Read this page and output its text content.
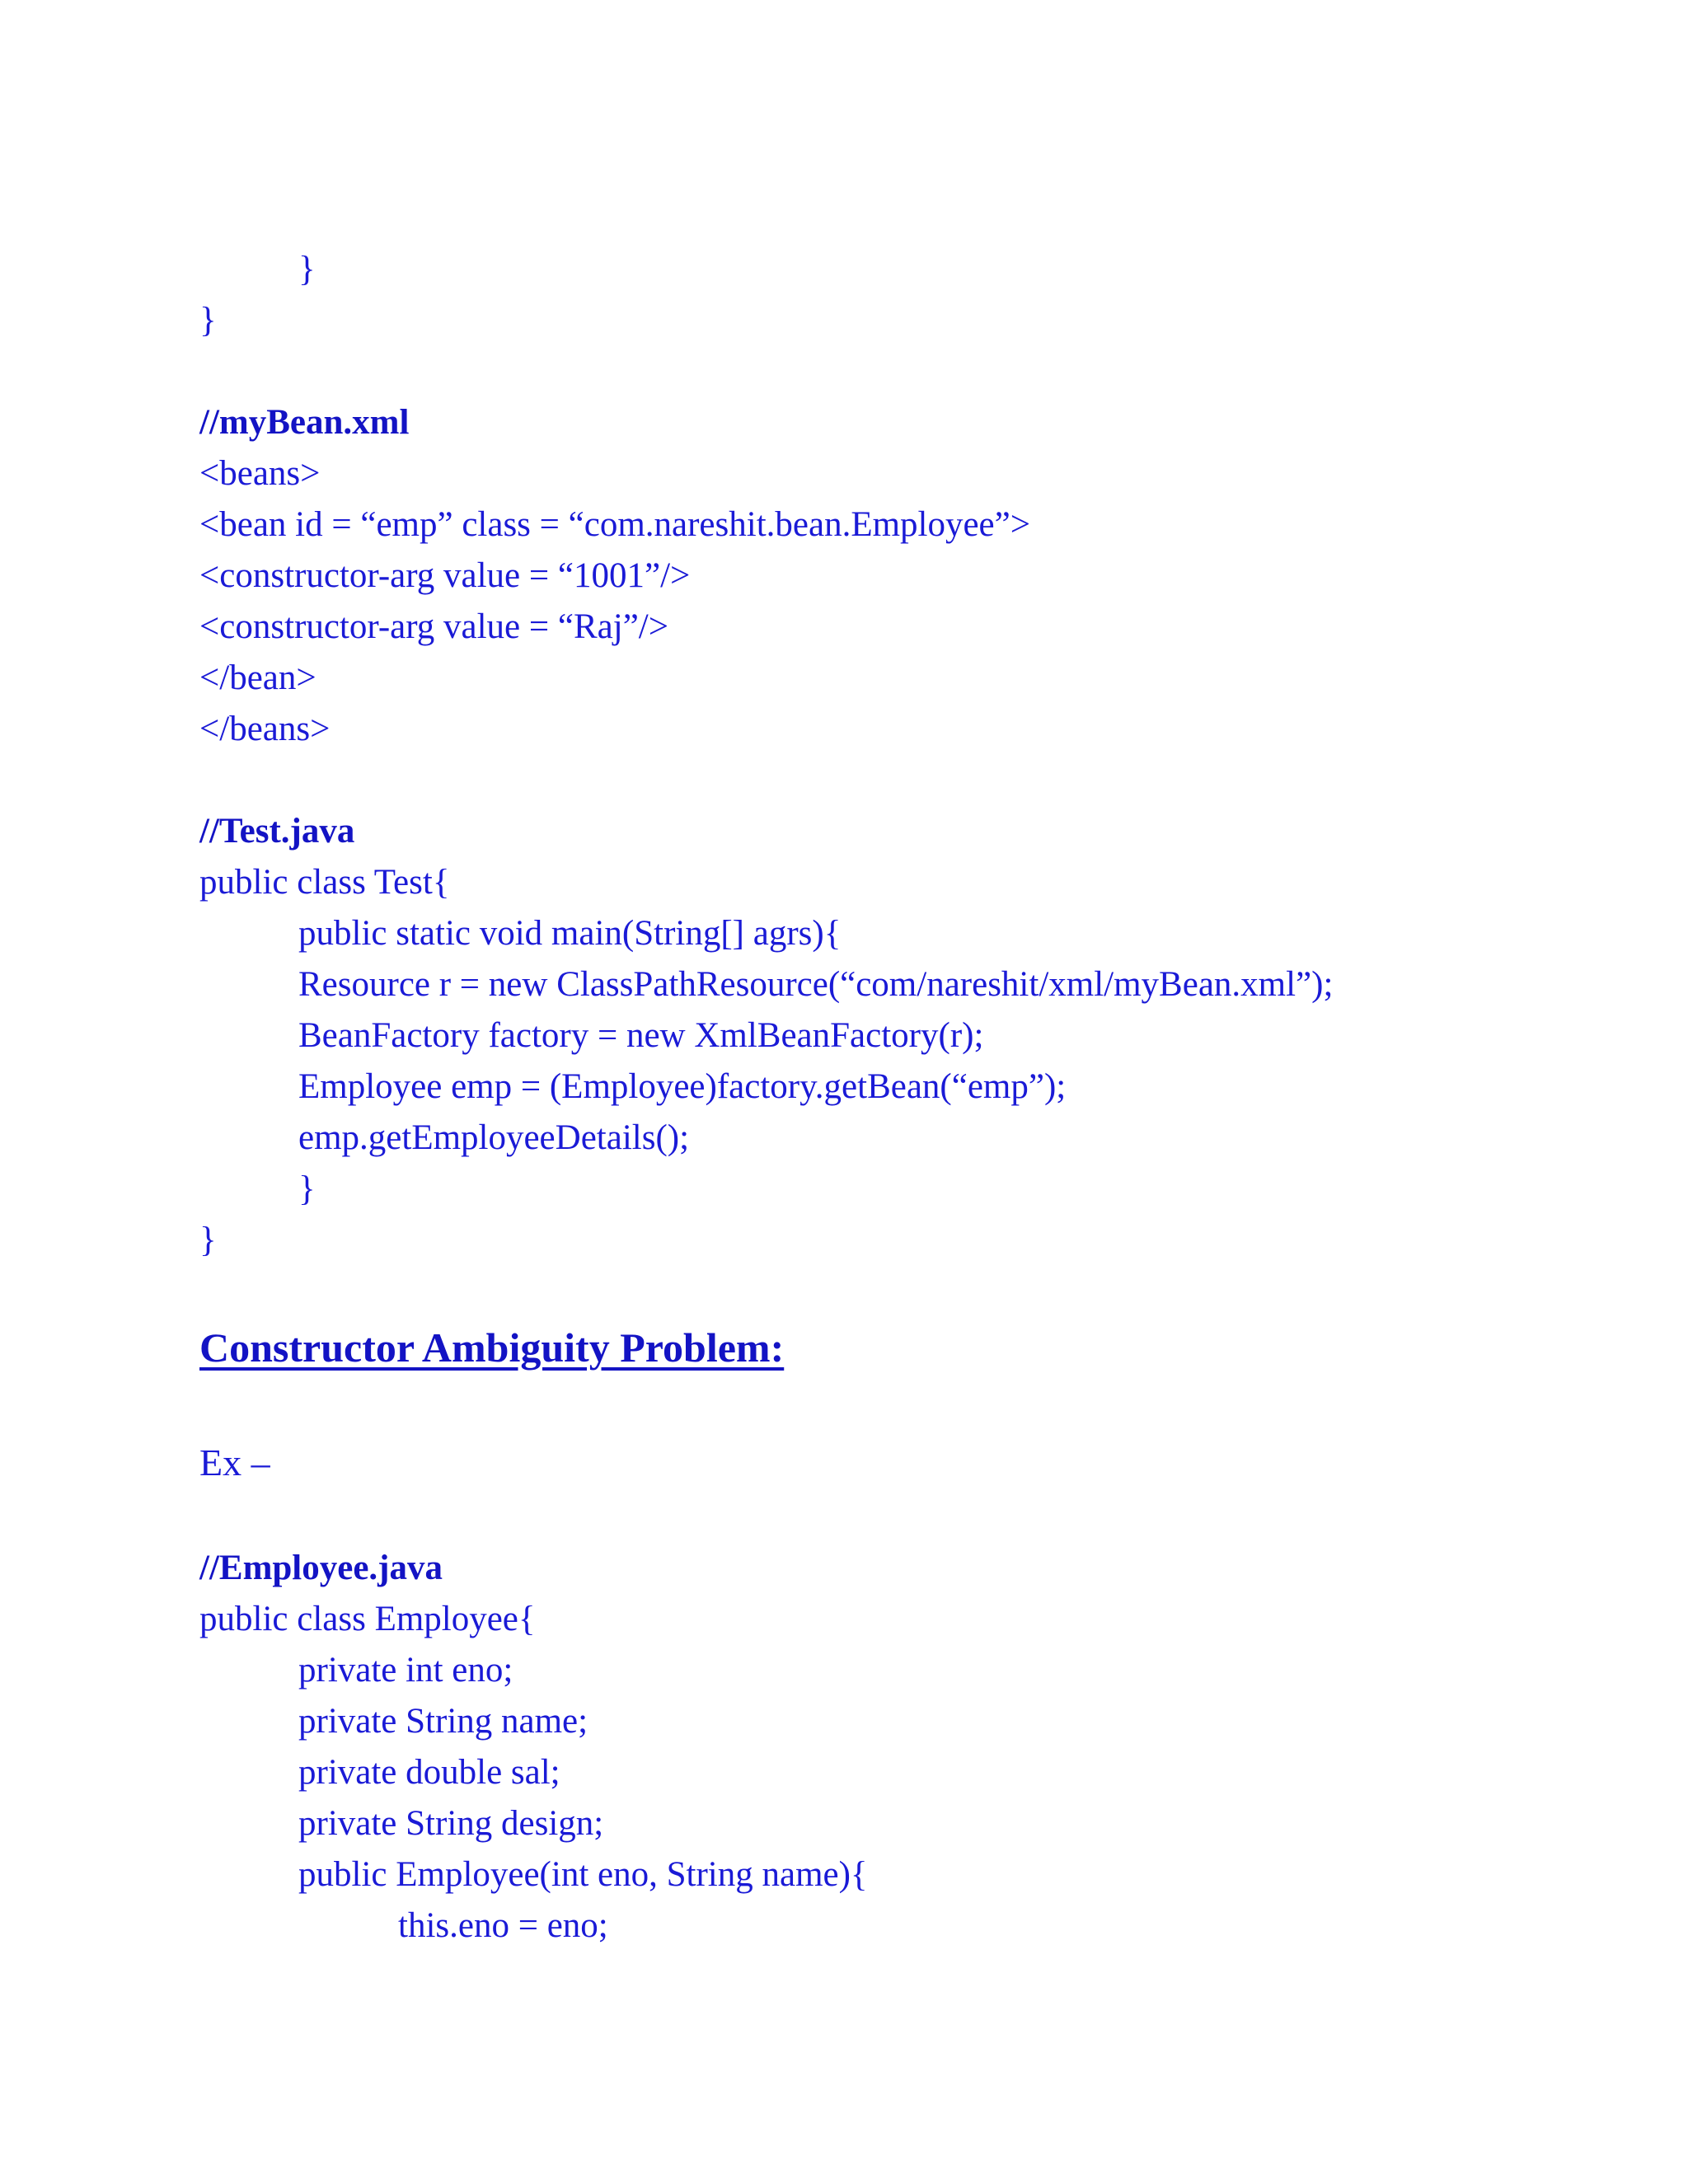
}
}
//myBean.xml
<beans>
<bean id = “emp” class = “com.nareshit.bean.Employee”>
<constructor-arg value = “1001”/>
<constructor-arg value = “Raj”/>
</bean>
</beans>
//Test.java
public class Test{
public static void main(String[] agrs){
Resource r = new ClassPathResource(“com/nareshit/xml/myBean.xml”);
BeanFactory factory = new XmlBeanFactory(r);
Employee emp = (Employee)factory.getBean(“emp”);
emp.getEmployeeDetails();
}
}
Constructor Ambiguity Problem:
Ex –
//Employee.java
public class Employee{
private int eno;
private String name;
private double sal;
private String design;
public Employee(int eno, String name){
this.eno = eno;
